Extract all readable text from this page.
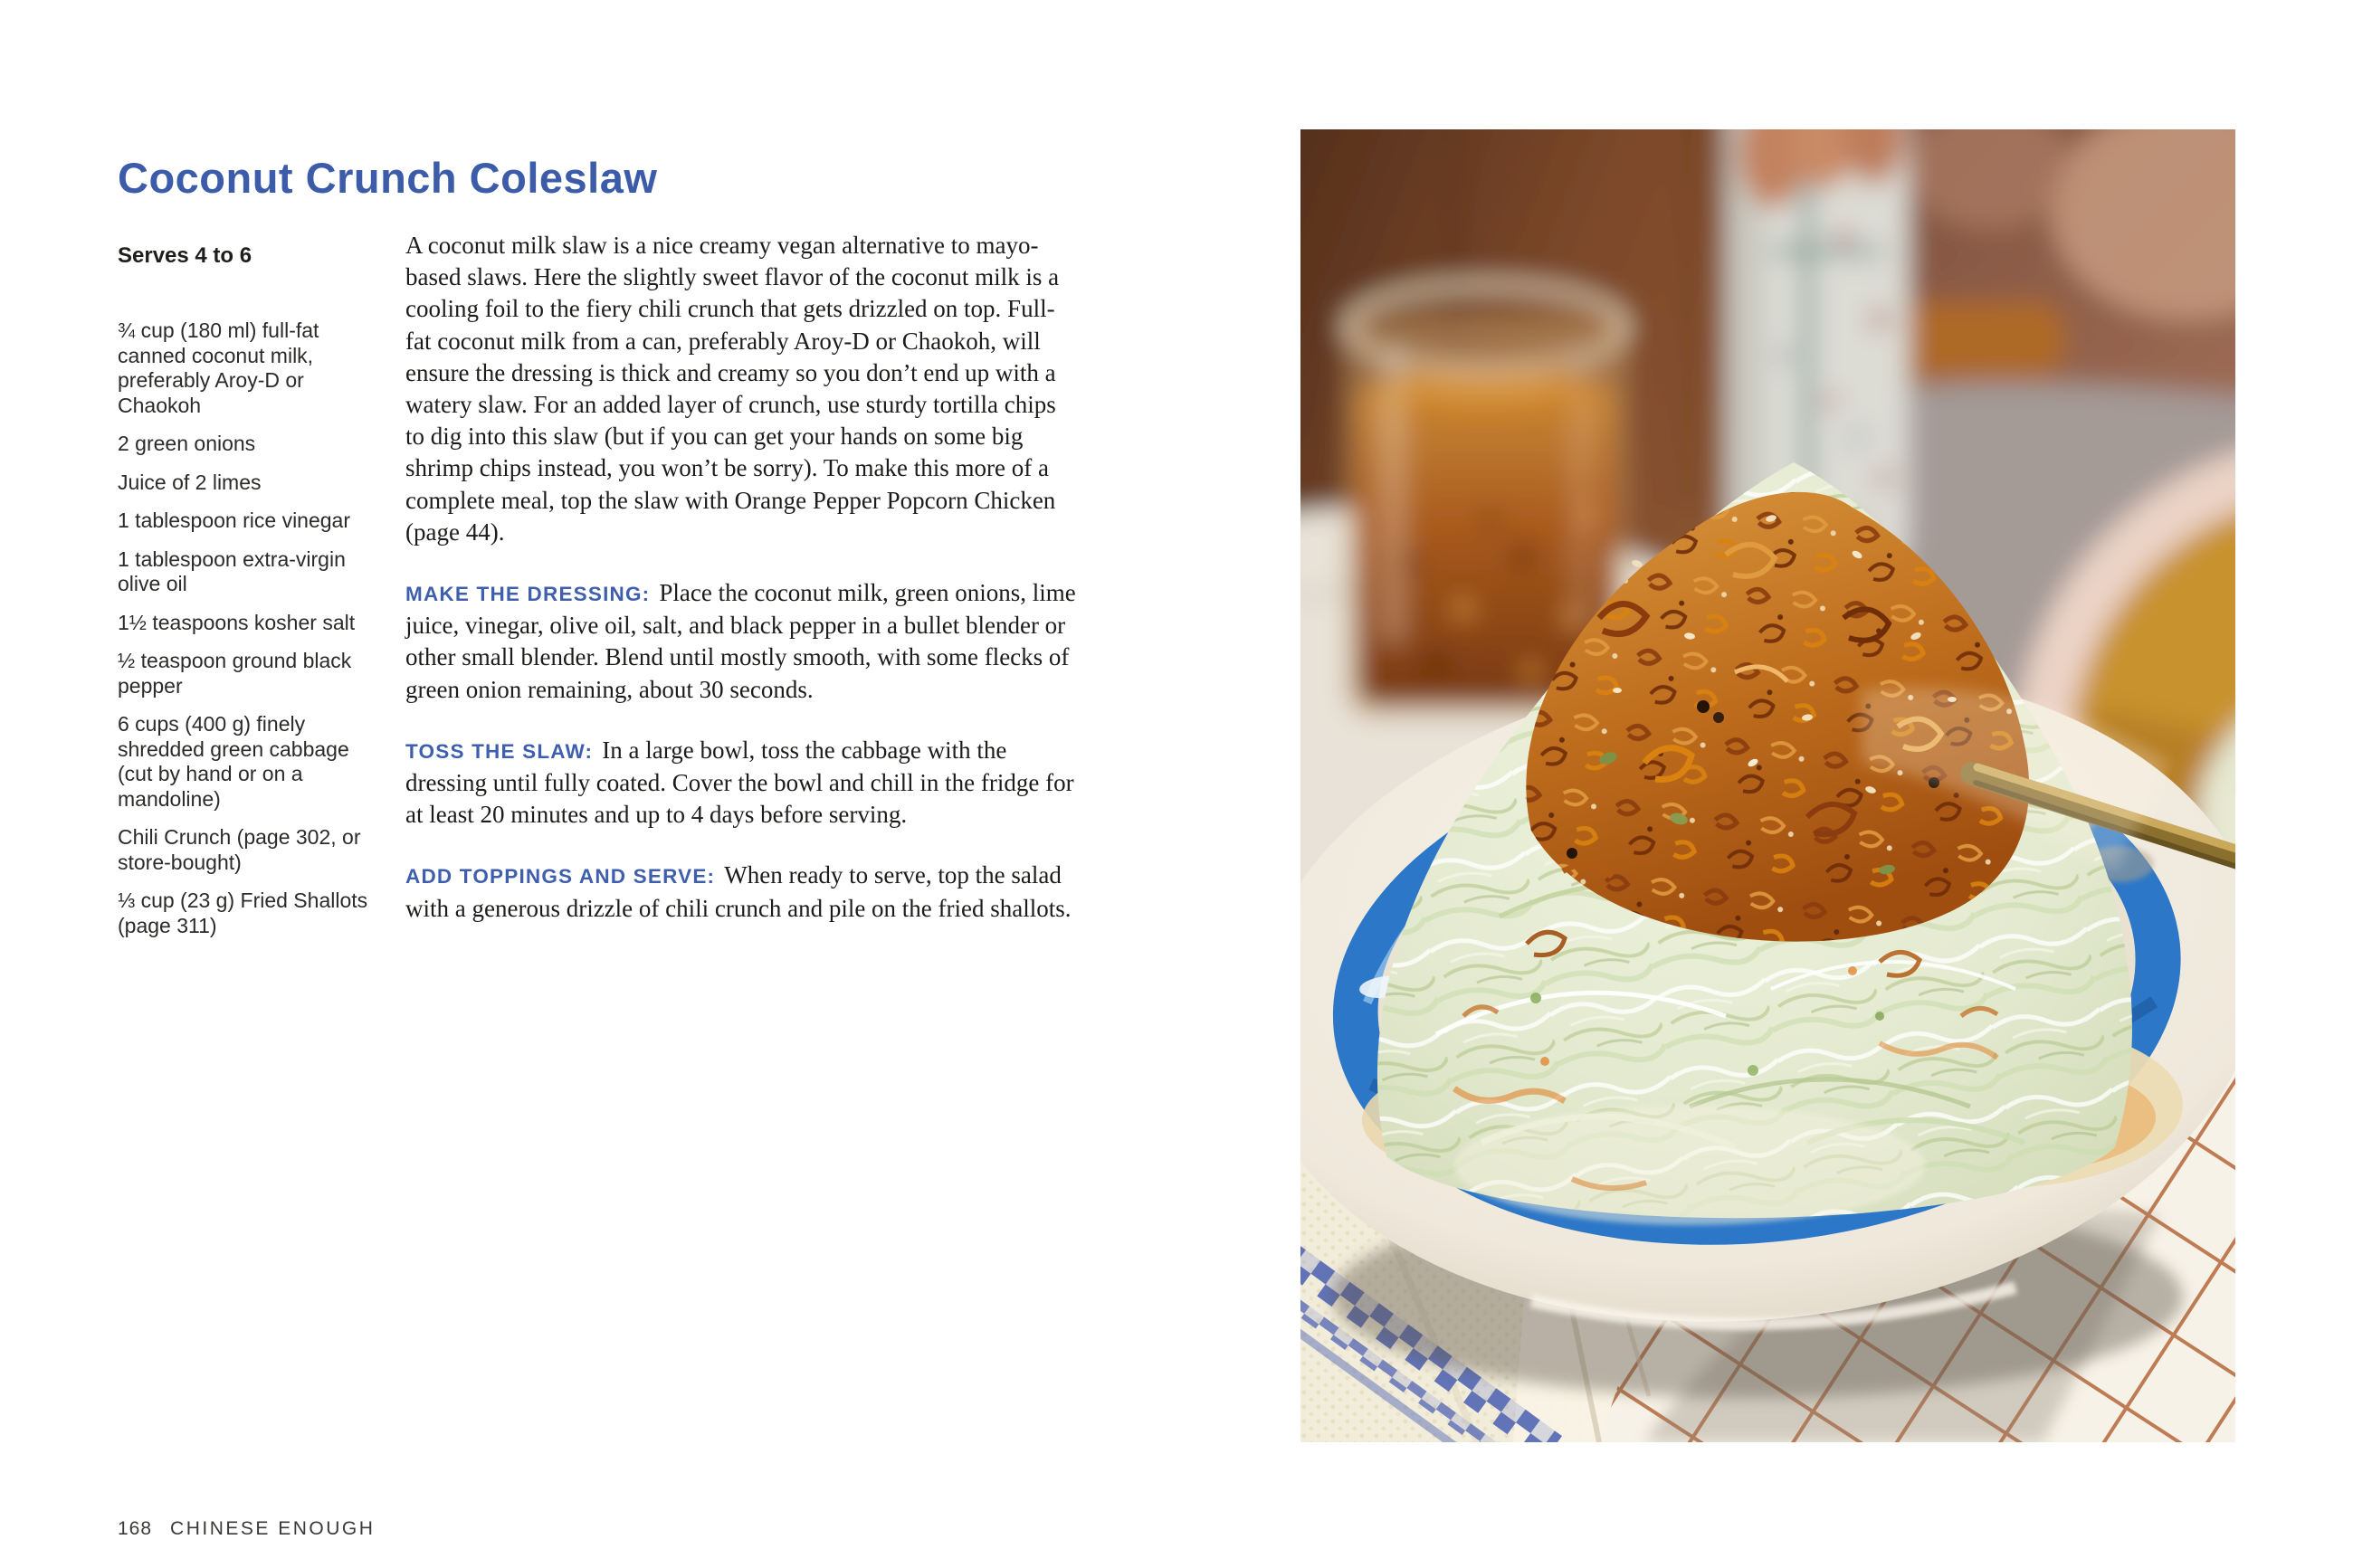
Coconut Crunch Coleslaw
Serves 4 to 6
¾ cup (180 ml) full-fat canned coconut milk, preferably Aroy-D or Chaokoh
2 green onions
Juice of 2 limes
1 tablespoon rice vinegar
1 tablespoon extra-virgin olive oil
1½ teaspoons kosher salt
½ teaspoon ground black pepper
6 cups (400 g) finely shredded green cabbage (cut by hand or on a mandoline)
Chili Crunch (page 302, or store-bought)
⅓ cup (23 g) Fried Shallots (page 311)

A coconut milk slaw is a nice creamy vegan alternative to mayo-based slaws. Here the slightly sweet flavor of the coconut milk is a cooling foil to the fiery chili crunch that gets drizzled on top. Full-fat coconut milk from a can, preferably Aroy-D or Chaokoh, will ensure the dressing is thick and creamy so you don’t end up with a watery slaw. For an added layer of crunch, use sturdy tortilla chips to dig into this slaw (but if you can get your hands on some big shrimp chips instead, you won’t be sorry). To make this more of a complete meal, top the slaw with Orange Pepper Popcorn Chicken (page 44).

MAKE THE DRESSING: Place the coconut milk, green onions, lime juice, vinegar, olive oil, salt, and black pepper in a bullet blender or other small blender. Blend until mostly smooth, with some flecks of green onion remaining, about 30 seconds.

TOSS THE SLAW: In a large bowl, toss the cabbage with the dressing until fully coated. Cover the bowl and chill in the fridge for at least 20 minutes and up to 4 days before serving.

ADD TOPPINGS AND SERVE: When ready to serve, top the salad with a generous drizzle of chili crunch and pile on the fried shallots.

168 CHINESE ENOUGH
